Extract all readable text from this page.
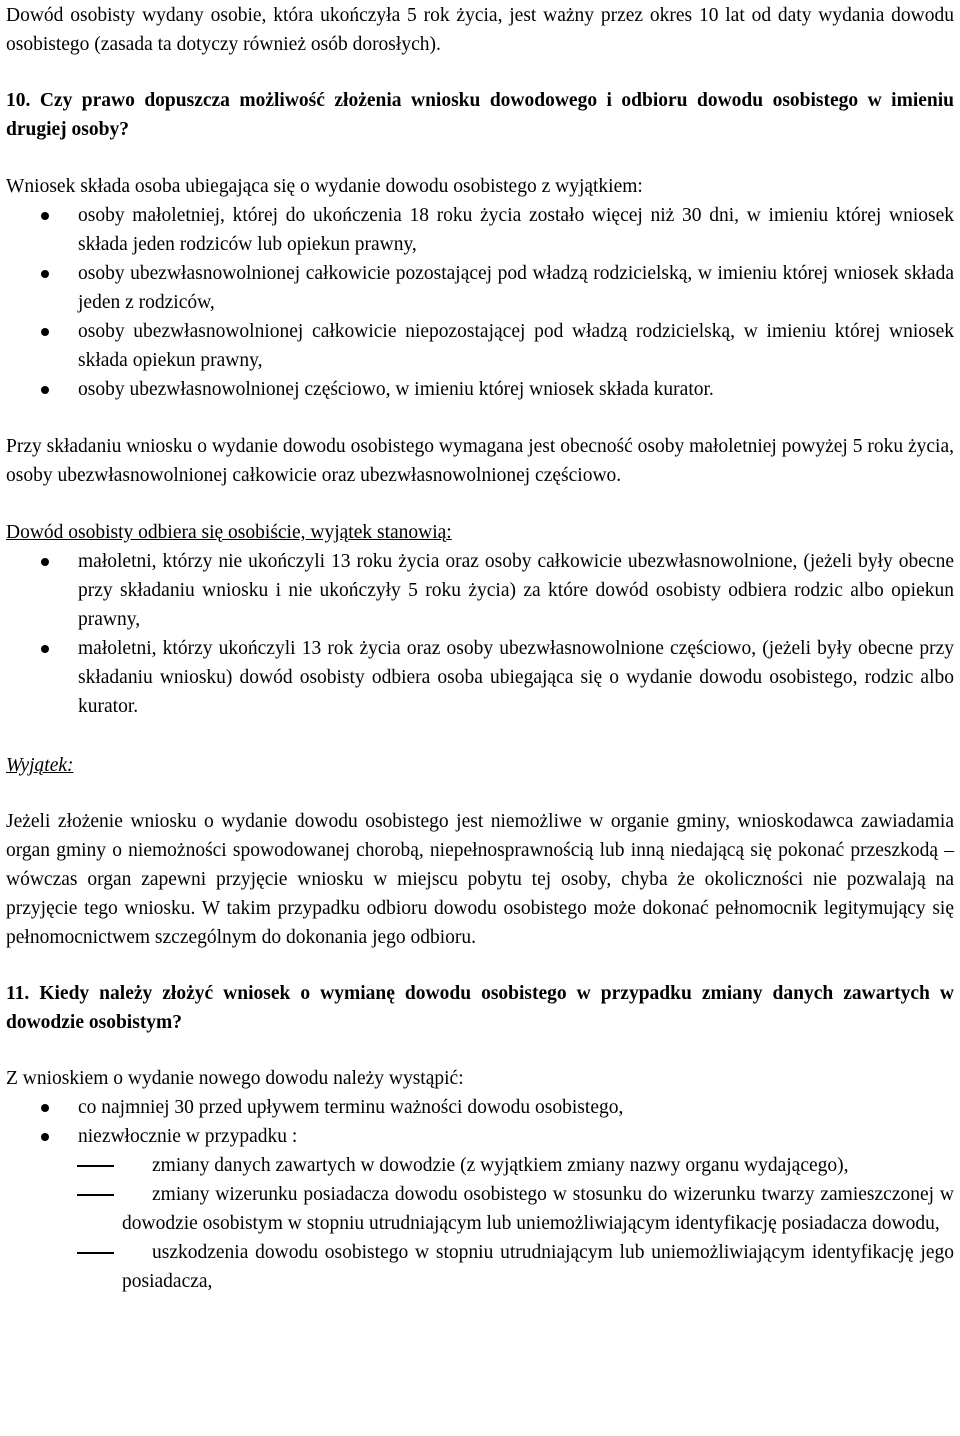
Dowód osobisty wydany osobie, która ukończyła 5 rok życia, jest ważny przez okres 10 lat od daty wydania dowodu osobistego (zasada ta dotyczy również osób dorosłych).

10. Czy prawo dopuszcza możliwość złożenia wniosku dowodowego i odbioru dowodu osobistego w imieniu drugiej osoby?

Wniosek składa osoba ubiegająca się o wydanie dowodu osobistego z wyjątkiem:

osoby małoletniej, której do ukończenia 18 roku życia zostało więcej niż 30 dni, w imieniu której wniosek składa jeden rodziców lub opiekun prawny,
osoby ubezwłasnowolnionej całkowicie pozostającej pod władzą rodzicielską, w imieniu której wniosek składa jeden z rodziców,
osoby ubezwłasnowolnionej całkowicie niepozostającej pod władzą rodzicielską, w imieniu której wniosek składa opiekun prawny,
osoby ubezwłasnowolnionej częściowo, w imieniu której wniosek składa kurator.

Przy składaniu wniosku o wydanie dowodu osobistego wymagana jest obecność osoby małoletniej powyżej 5 roku życia, osoby ubezwłasnowolnionej całkowicie oraz ubezwłasnowolnionej częściowo.

Dowód osobisty odbiera się osobiście, wyjątek stanowią:

małoletni, którzy nie ukończyli 13 roku życia oraz osoby całkowicie ubezwłasnowolnione, (jeżeli były obecne przy składaniu wniosku i nie ukończyły 5 roku życia) za które dowód osobisty odbiera rodzic albo opiekun prawny,
małoletni, którzy ukończyli 13 rok życia oraz osoby ubezwłasnowolnione częściowo, (jeżeli były obecne przy składaniu wniosku) dowód osobisty odbiera osoba ubiegająca się o wydanie dowodu osobistego, rodzic albo kurator.

Wyjątek:

Jeżeli złożenie wniosku o wydanie dowodu osobistego jest niemożliwe w organie gminy, wnioskodawca zawiadamia organ gminy o niemożności spowodowanej chorobą, niepełnosprawnością lub inną niedającą się pokonać przeszkodą – wówczas organ zapewni przyjęcie wniosku w miejscu pobytu tej osoby, chyba że okoliczności nie pozwalają na przyjęcie tego wniosku. W takim przypadku odbioru dowodu osobistego może dokonać pełnomocnik legitymujący się pełnomocnictwem szczególnym do dokonania jego odbioru.

11. Kiedy należy złożyć wniosek o wymianę dowodu osobistego w przypadku zmiany danych zawartych w dowodzie osobistym?

Z wnioskiem o wydanie nowego dowodu należy wystąpić:

co najmniej 30 przed upływem terminu ważności dowodu osobistego,
niezwłocznie w przypadku :
zmiany danych zawartych w dowodzie (z wyjątkiem zmiany nazwy organu wydającego),
zmiany wizerunku posiadacza dowodu osobistego w stosunku do wizerunku twarzy zamieszczonej w dowodzie osobistym w stopniu utrudniającym lub uniemożliwiającym identyfikację posiadacza dowodu,
uszkodzenia dowodu osobistego w stopniu utrudniającym lub uniemożliwiającym identyfikację jego posiadacza,
